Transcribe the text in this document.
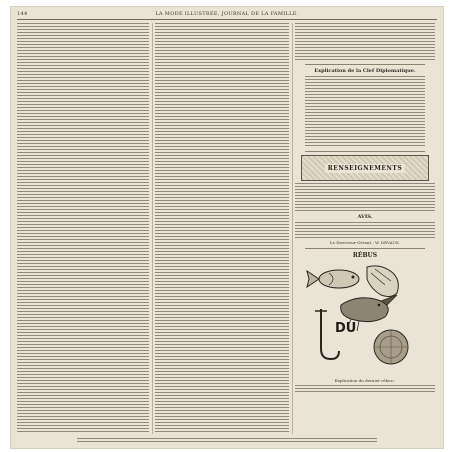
144	LA MODE ILLUSTRÉE, JOURNAL DE LA FAMILLE.
Explication de la Clef Diplomatique.
RENSEIGNEMENTS
AVIS.
Le Directeur-Gérant : W. DEVAUX.
RÉBUS
DU
Explication du dernier rébus :
